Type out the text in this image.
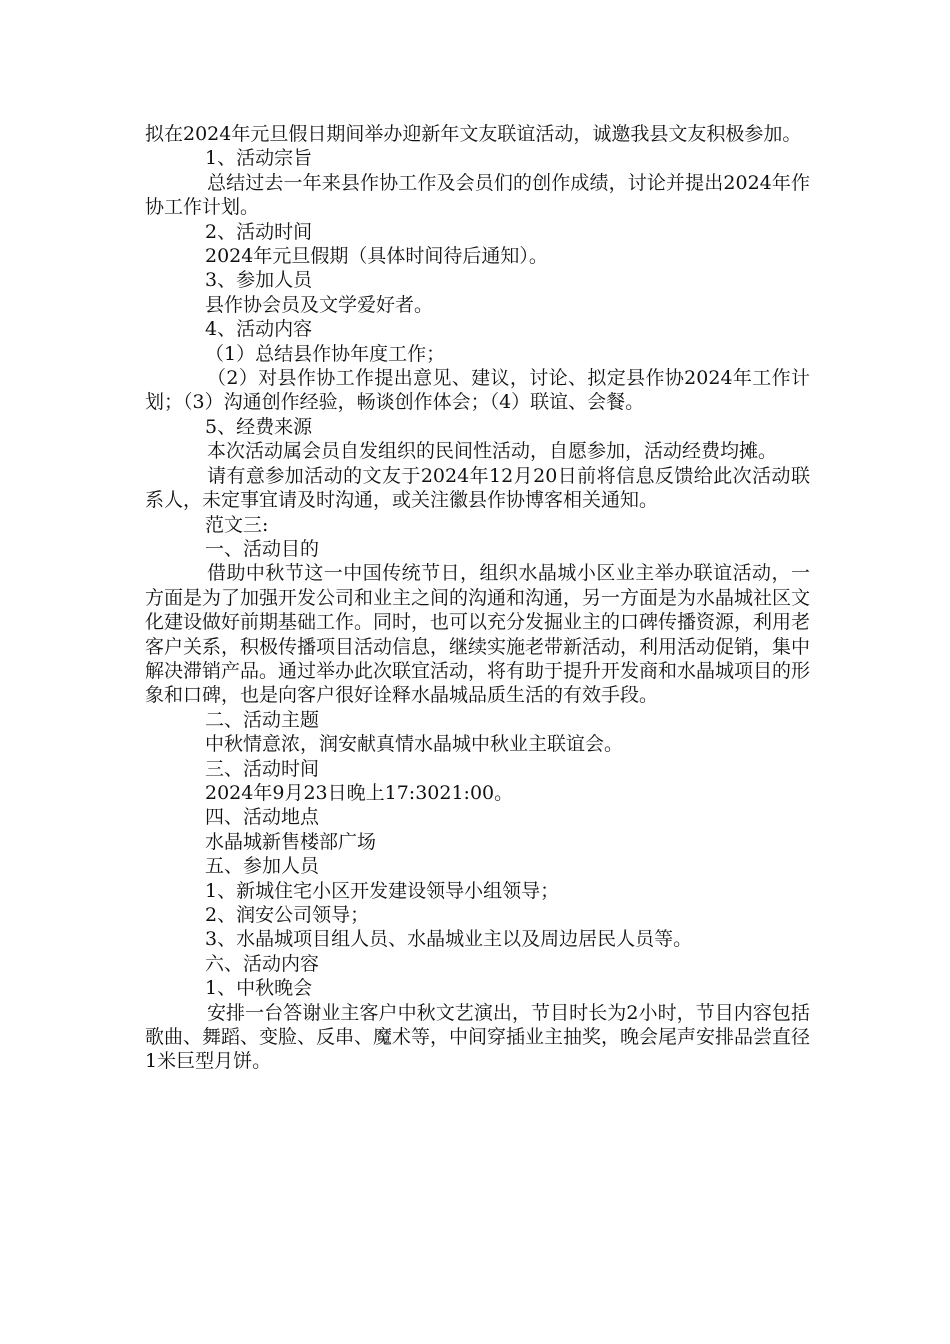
拟在2024年元旦假日期间举办迎新年文友联谊活动，诚邀我县文友积极参加。

1、活动宗旨

总结过去一年来县作协工作及会员们的创作成绩，讨论并提出2024年作协工作计划。

2、活动时间

2024年元旦假期（具体时间待后通知）。

3、参加人员

县作协会员及文学爱好者。

4、活动内容

（1）总结县作协年度工作；

（2）对县作协工作提出意见、建议，讨论、拟定县作协2024年工作计划；（3）沟通创作经验，畅谈创作体会；（4）联谊、会餐。

5、经费来源

本次活动属会员自发组织的民间性活动，自愿参加，活动经费均摊。

请有意参加活动的文友于2024年12月20日前将信息反馈给此次活动联系人，未定事宜请及时沟通，或关注徽县作协博客相关通知。

范文三:

一、活动目的

借助中秋节这一中国传统节日，组织水晶城小区业主举办联谊活动，一方面是为了加强开发公司和业主之间的沟通和沟通，另一方面是为水晶城社区文化建设做好前期基础工作。同时，也可以充分发掘业主的口碑传播资源，利用老客户关系，积极传播项目活动信息，继续实施老带新活动，利用活动促销，集中解决滞销产品。通过举办此次联宜活动，将有助于提升开发商和水晶城项目的形象和口碑，也是向客户很好诠释水晶城品质生活的有效手段。

二、活动主题

中秋情意浓，润安献真情水晶城中秋业主联谊会。

三、活动时间

2024年9月23日晚上17:3021:00。

四、活动地点

水晶城新售楼部广场

五、参加人员

1、新城住宅小区开发建设领导小组领导；

2、润安公司领导；

3、水晶城项目组人员、水晶城业主以及周边居民人员等。

六、活动内容

1、中秋晚会

安排一台答谢业主客户中秋文艺演出，节目时长为2小时，节目内容包括歌曲、舞蹈、变脸、反串、魔术等，中间穿插业主抽奖，晚会尾声安排品尝直径1米巨型月饼。
